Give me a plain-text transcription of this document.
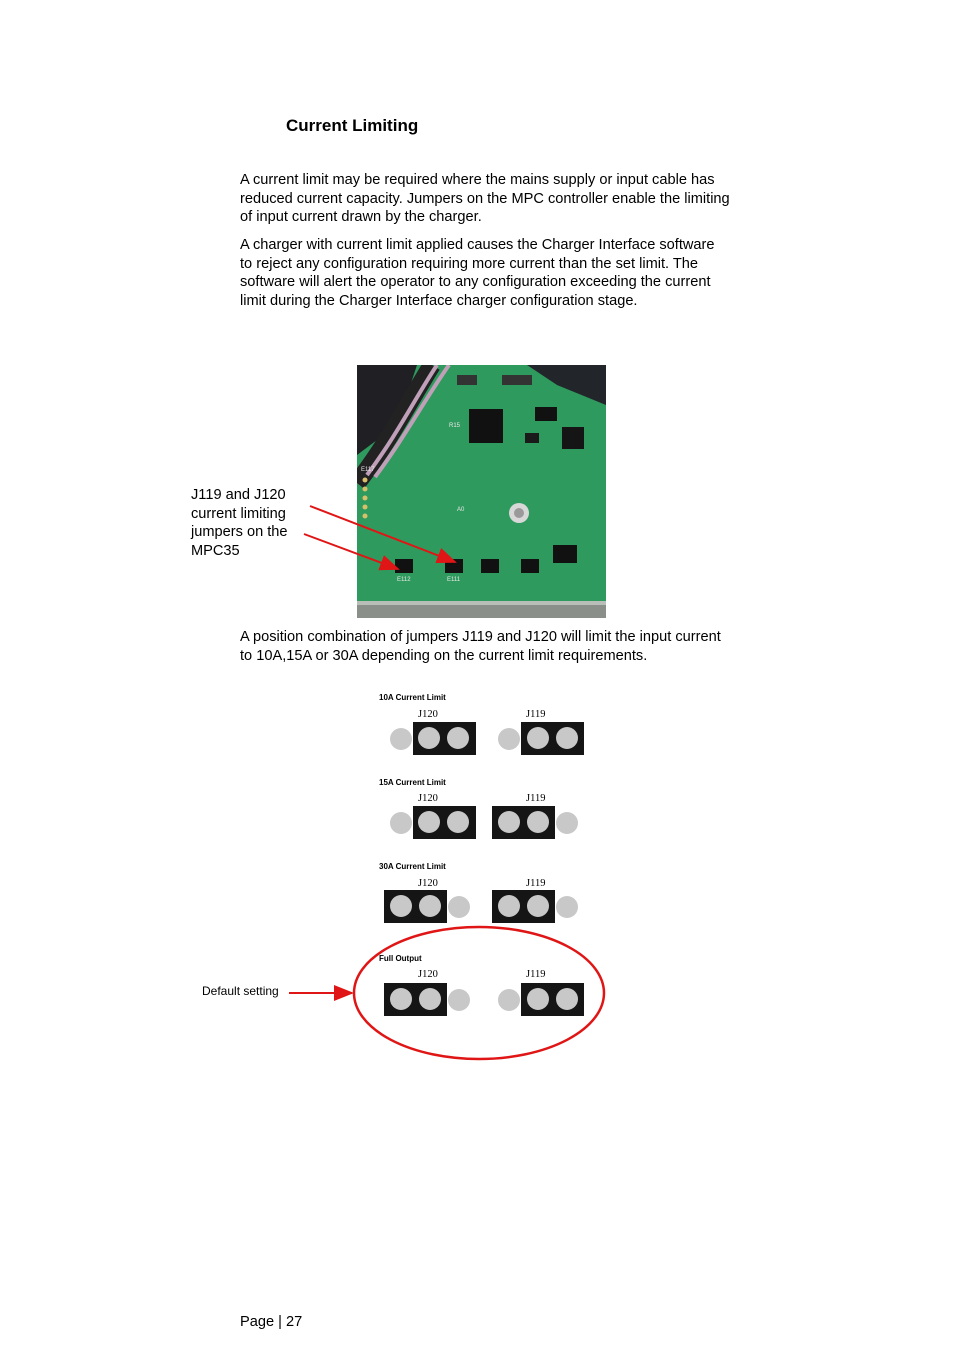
Current Limiting
A current limit may be required where the mains supply or input cable has reduced current capacity. Jumpers on the MPC controller enable the limiting of input current drawn by the charger.
A charger with current limit applied causes the Charger Interface software to reject any configuration requiring more current than the set limit. The software will alert the operator to any configuration exceeding the current limit during the Charger Interface charger configuration stage.
J119 and J120 current limiting jumpers on the MPC35
E112	E111
E117
R15
A0
A position combination of jumpers J119 and J120 will limit the input current to 10A,15A or 30A depending on the current limit requirements.
10A Current Limit
J120	J119
15A Current Limit
J120	J119
30A Current Limit
J120	J119
Full Output
J120	J119
Default setting
Page | 27
